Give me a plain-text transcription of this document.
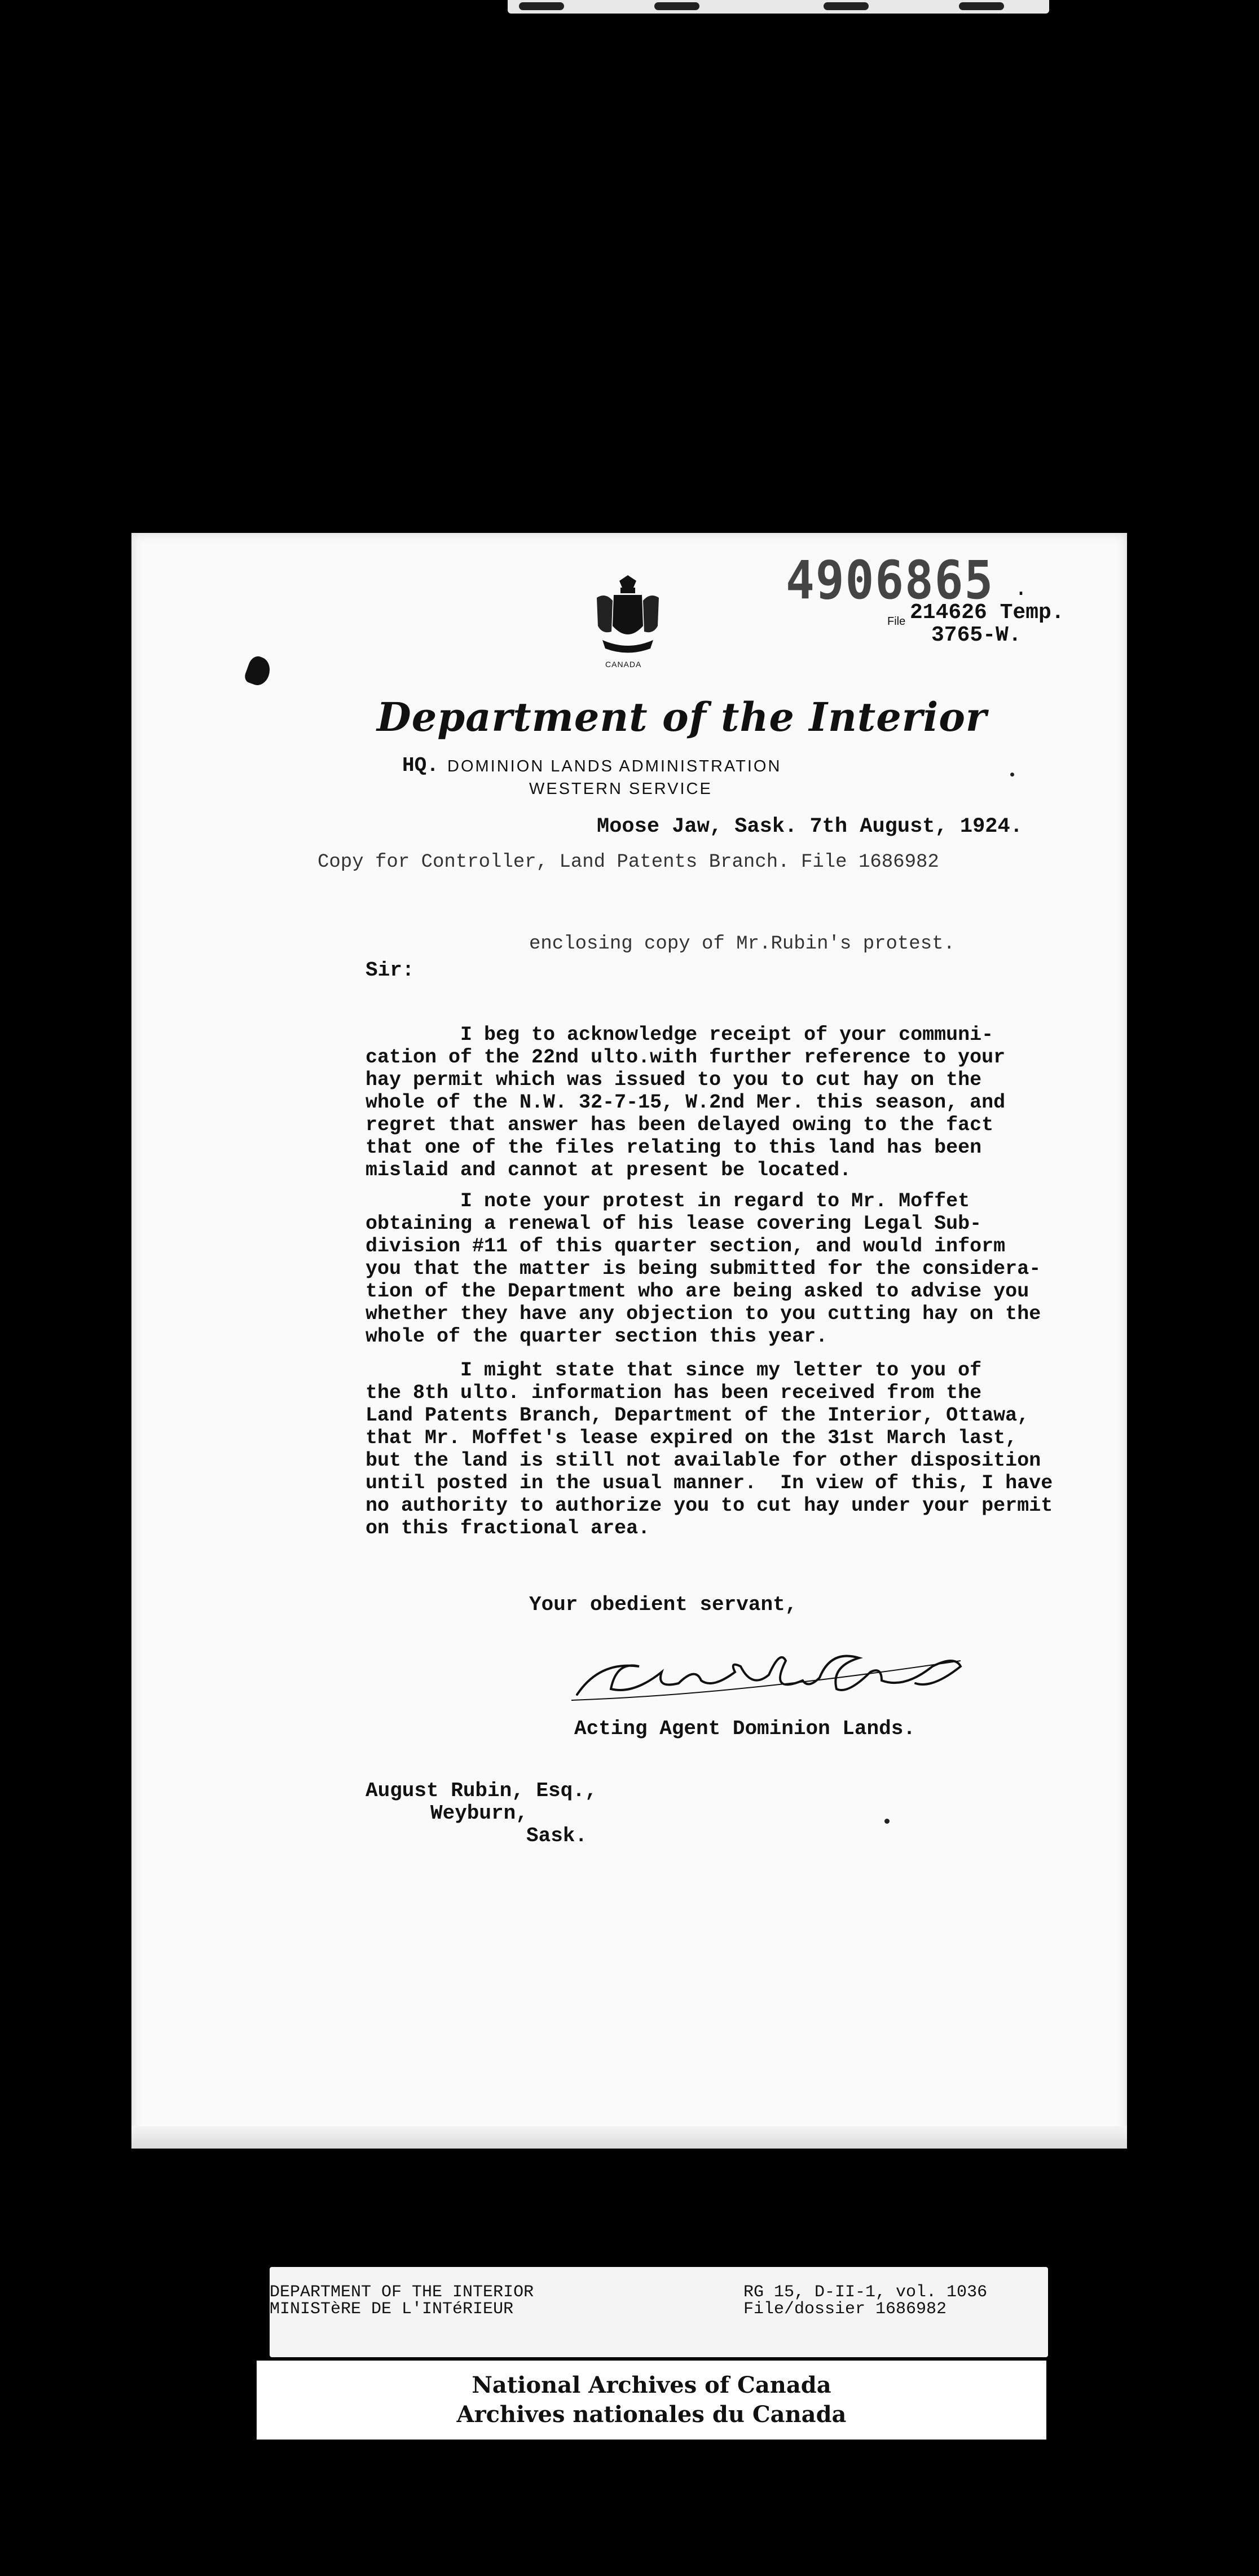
4906865 ·
File 214626 Temp.
3765-W.
CANADA
Department of the Interior
HQ. DOMINION LANDS ADMINISTRATION
WESTERN SERVICE
Moose Jaw, Sask. 7th August, 1924.
Copy for Controller, Land Patents Branch. File 1686982
enclosing copy of Mr.Rubin's protest.
Sir:
I beg to acknowledge receipt of your communi-
cation of the 22nd ulto.with further reference to your
hay permit which was issued to you to cut hay on the
whole of the N.W. 32-7-15, W.2nd Mer. this season, and
regret that answer has been delayed owing to the fact
that one of the files relating to this land has been
mislaid and cannot at present be located.
I note your protest in regard to Mr. Moffet
obtaining a renewal of his lease covering Legal Sub-
division #11 of this quarter section, and would inform
you that the matter is being submitted for the considera-
tion of the Department who are being asked to advise you
whether they have any objection to you cutting hay on the
whole of the quarter section this year.
I might state that since my letter to you of
the 8th ulto. information has been received from the
Land Patents Branch, Department of the Interior, Ottawa,
that Mr. Moffet's lease expired on the 31st March last,
but the land is still not available for other disposition
until posted in the usual manner.  In view of this, I have
no authority to authorize you to cut hay under your permit
on this fractional area.
Your obedient servant,
Acting Agent Dominion Lands.
August Rubin, Esq.,
Weyburn,
Sask.
DEPARTMENT OF THE INTERIOR
MINISTèRE DE L'INTéRIEUR
RG 15, D-II-1, vol. 1036
File/dossier 1686982
National Archives of Canada
Archives nationales du Canada
